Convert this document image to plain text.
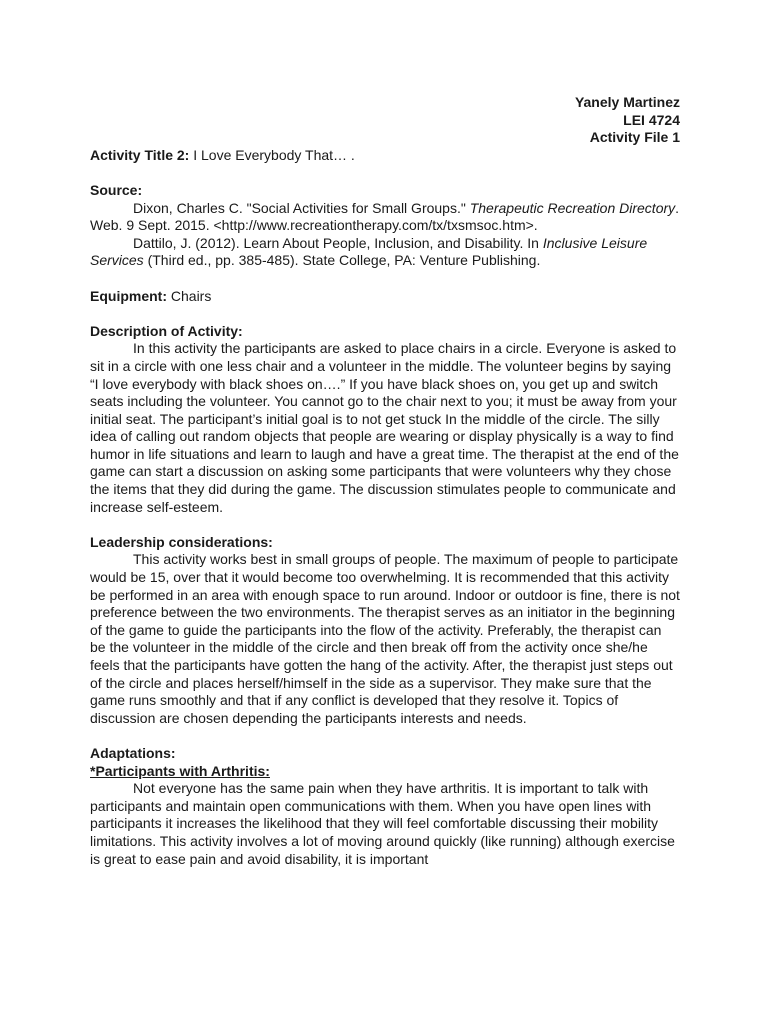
Yanely Martinez
LEI 4724
Activity File 1

Activity Title 2: I Love Everybody That… .

Source:

Dixon, Charles C. "Social Activities for Small Groups." Therapeutic Recreation Directory. Web. 9 Sept. 2015. <http://www.recreationtherapy.com/tx/txsmsoc.htm>.

Dattilo, J. (2012). Learn About People, Inclusion, and Disability. In Inclusive Leisure Services (Third ed., pp. 385-485). State College, PA: Venture Publishing.

Equipment: Chairs

Description of Activity:

In this activity the participants are asked to place chairs in a circle. Everyone is asked to sit in a circle with one less chair and a volunteer in the middle. The volunteer begins by saying “I love everybody with black shoes on….” If you have black shoes on, you get up and switch seats including the volunteer. You cannot go to the chair next to you; it must be away from your initial seat. The participant’s initial goal is to not get stuck In the middle of the circle. The silly idea of calling out random objects that people are wearing or display physically is a way to find humor in life situations and learn to laugh and have a great time. The therapist at the end of the game can start a discussion on asking some participants that were volunteers why they chose the items that they did during the game. The discussion stimulates people to communicate and increase self-esteem.

Leadership considerations:

This activity works best in small groups of people. The maximum of people to participate would be 15, over that it would become too overwhelming. It is recommended that this activity be performed in an area with enough space to run around. Indoor or outdoor is fine, there is not preference between the two environments. The therapist serves as an initiator in the beginning of the game to guide the participants into the flow of the activity. Preferably, the therapist can be the volunteer in the middle of the circle and then break off from the activity once she/he feels that the participants have gotten the hang of the activity. After, the therapist just steps out of the circle and places herself/himself in the side as a supervisor. They make sure that the game runs smoothly and that if any conflict is developed that they resolve it. Topics of discussion are chosen depending the participants interests and needs.

Adaptations:

*Participants with Arthritis:

Not everyone has the same pain when they have arthritis. It is important to talk with participants and maintain open communications with them. When you have open lines with participants it increases the likelihood that they will feel comfortable discussing their mobility limitations. This activity involves a lot of moving around quickly (like running) although exercise is great to ease pain and avoid disability, it is important
